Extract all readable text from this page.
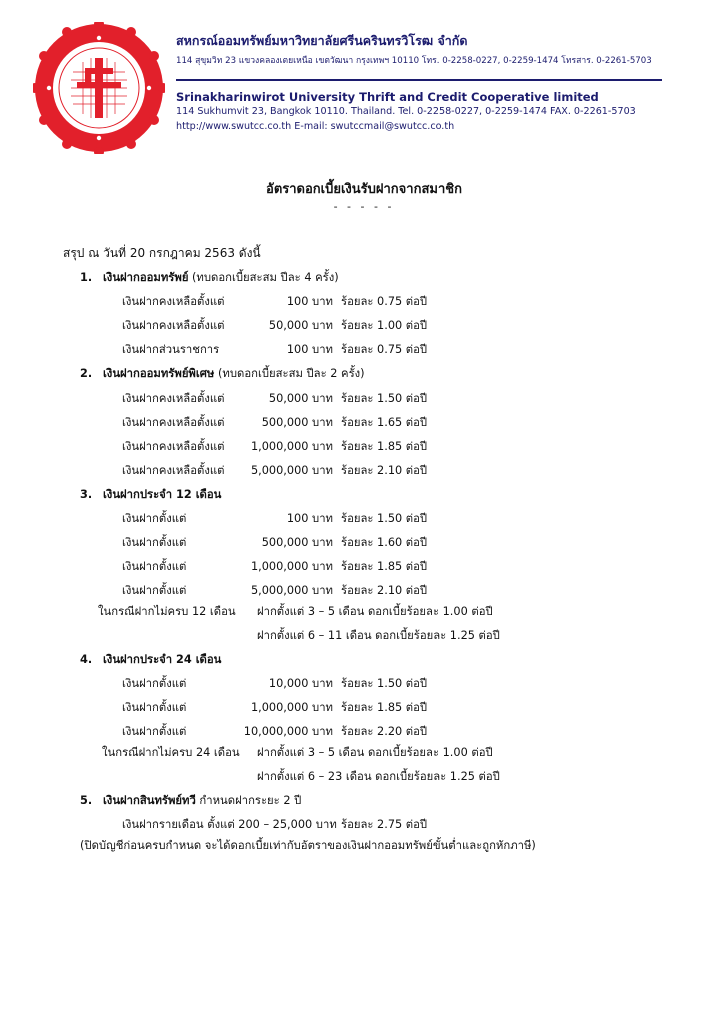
สหกรณ์ออมทรัพย์มหาวิทยาลัยศรีนครินทรวิโรฒ จำกัด
114 สุขุมวิท 23 แขวงคลองเตยเหนือ เขตวัฒนา กรุงเทพฯ 10110 โทร. 0-2258-0227, 0-2259-1474 โทรสาร. 0-2261-5703
Srinakharinwirot University Thrift and Credit Cooperative limited
114 Sukhumvit 23, Bangkok 10110. Thailand. Tel. 0-2258-0227, 0-2259-1474 FAX. 0-2261-5703
http://www.swutcc.co.th E-mail: swutccmail@swutcc.co.th
อัตราดอกเบี้ยเงินรับฝากจากสมาชิก
- - - - -
สรุป ณ วันที่ 20 กรกฎาคม 2563 ดังนี้
1. เงินฝากออมทรัพย์ (ทบดอกเบี้ยสะสม ปีละ 4 ครั้ง)
เงินฝากคงเหลือตั้งแต่	100 บาท ร้อยละ 0.75 ต่อปี
เงินฝากคงเหลือตั้งแต่	50,000 บาท ร้อยละ 1.00 ต่อปี
เงินฝากส่วนราชการ	100 บาท ร้อยละ 0.75 ต่อปี
2. เงินฝากออมทรัพย์พิเศษ (ทบดอกเบี้ยสะสม ปีละ 2 ครั้ง)
เงินฝากคงเหลือตั้งแต่	50,000 บาท ร้อยละ 1.50 ต่อปี
เงินฝากคงเหลือตั้งแต่	500,000 บาท ร้อยละ 1.65 ต่อปี
เงินฝากคงเหลือตั้งแต่ 1,000,000 บาท ร้อยละ 1.85 ต่อปี
เงินฝากคงเหลือตั้งแต่ 5,000,000 บาท ร้อยละ 2.10 ต่อปี
3. เงินฝากประจำ 12 เดือน
เงินฝากตั้งแต่	100 บาท ร้อยละ 1.50 ต่อปี
เงินฝากตั้งแต่	500,000 บาท ร้อยละ 1.60 ต่อปี
เงินฝากตั้งแต่	1,000,000 บาท ร้อยละ 1.85 ต่อปี
เงินฝากตั้งแต่	5,000,000 บาท ร้อยละ 2.10 ต่อปี
ในกรณีฝากไม่ครบ 12 เดือน ฝากตั้งแต่ 3 – 5 เดือน ดอกเบี้ยร้อยละ 1.00 ต่อปี
ฝากตั้งแต่ 6 – 11 เดือน ดอกเบี้ยร้อยละ 1.25 ต่อปี
4. เงินฝากประจำ 24 เดือน
เงินฝากตั้งแต่	10,000 บาท ร้อยละ 1.50 ต่อปี
เงินฝากตั้งแต่	1,000,000 บาท ร้อยละ 1.85 ต่อปี
เงินฝากตั้งแต่	10,000,000 บาท ร้อยละ 2.20 ต่อปี
ในกรณีฝากไม่ครบ 24 เดือน ฝากตั้งแต่ 3 – 5 เดือน ดอกเบี้ยร้อยละ 1.00 ต่อปี
ฝากตั้งแต่ 6 – 23 เดือน ดอกเบี้ยร้อยละ 1.25 ต่อปี
5. เงินฝากสินทรัพย์ทวี กำหนดฝากระยะ 2 ปี
เงินฝากรายเดือน ตั้งแต่ 200 – 25,000 บาท ร้อยละ 2.75 ต่อปี
(ปิดบัญชีก่อนครบกำหนด จะได้ดอกเบี้ยเท่ากับอัตราของเงินฝากออมทรัพย์ขั้นต่ำและถูกหักภาษี)
